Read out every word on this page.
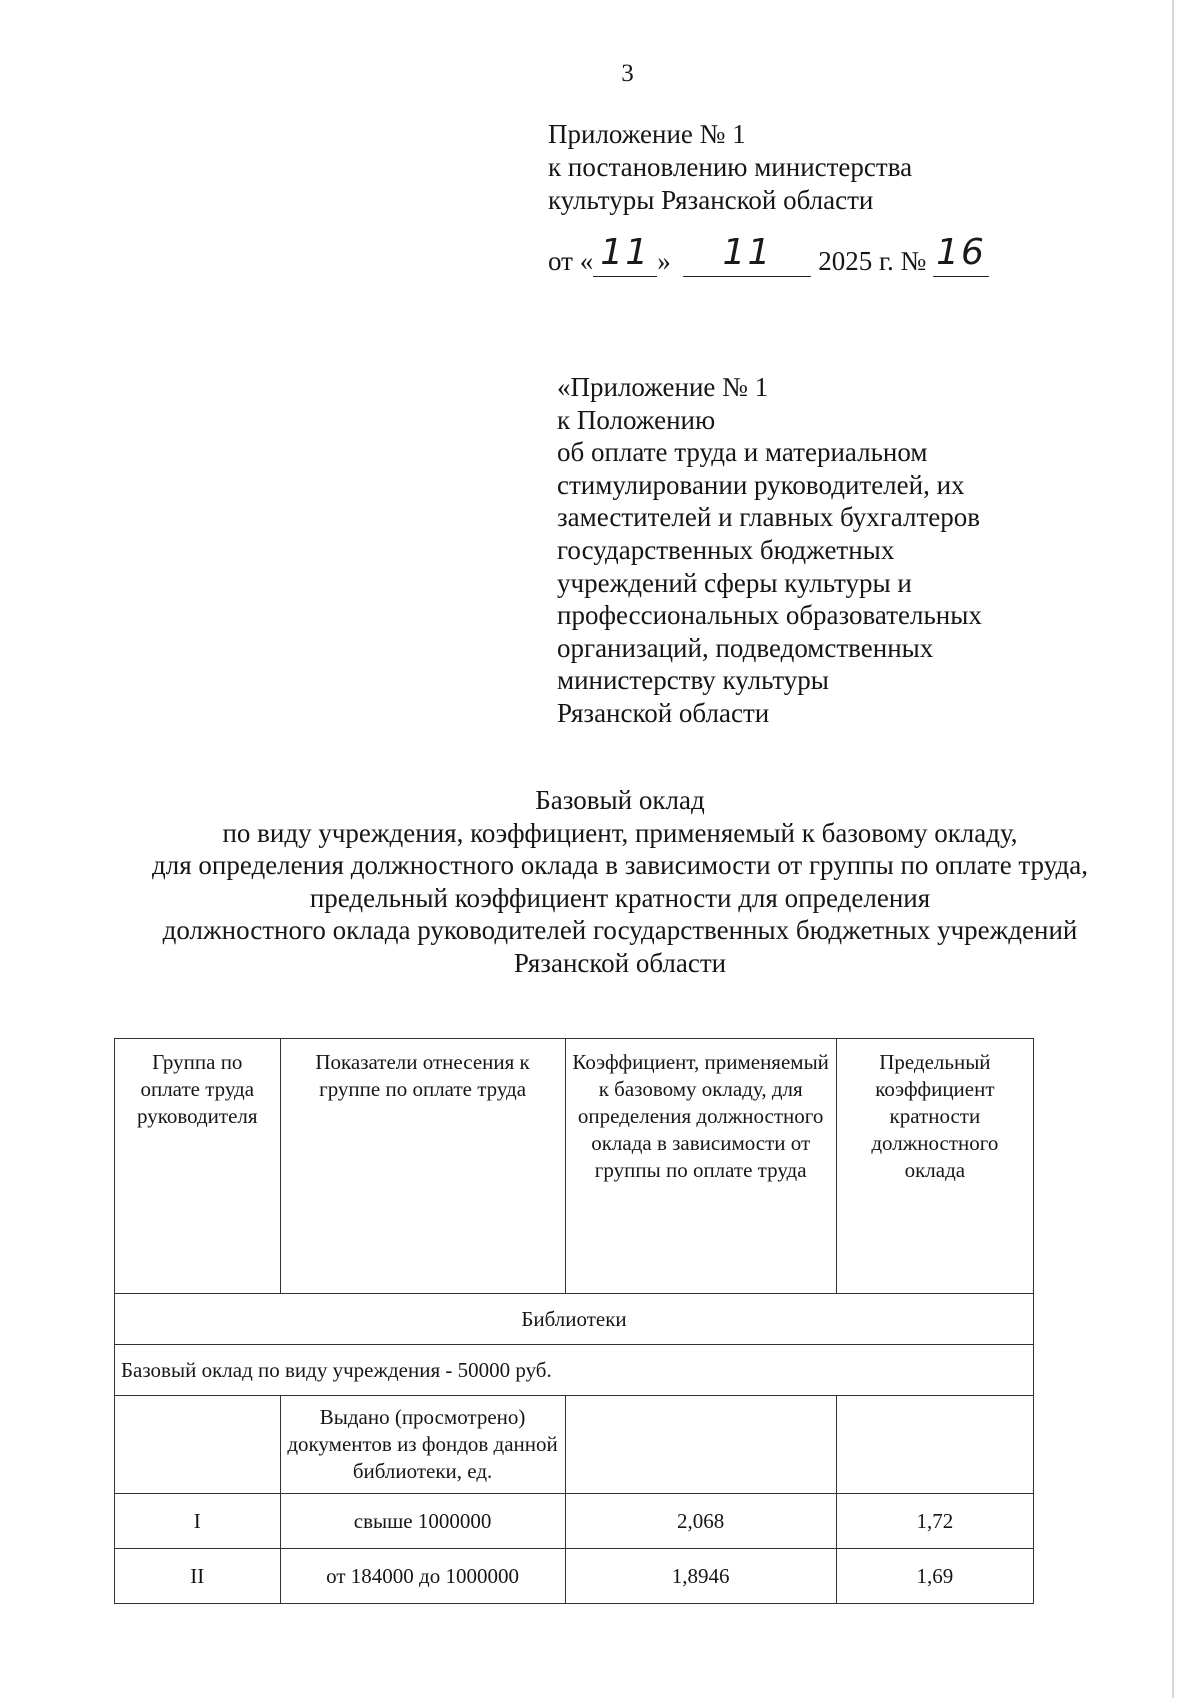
3
Приложение № 1
к постановлению министерства
культуры Рязанской области
от « 11 »	11	2025 г. № 16
«Приложение № 1
к Положению
об оплате труда и материальном
стимулировании руководителей, их
заместителей и главных бухгалтеров
государственных бюджетных
учреждений сферы культуры и
профессиональных образовательных
организаций, подведомственных
министерству культуры
Рязанской области
Базовый оклад
по виду учреждения, коэффициент, применяемый к базовому окладу,
для определения должностного оклада в зависимости от группы по оплате труда,
предельный коэффициент кратности для определения
должностного оклада руководителей государственных бюджетных учреждений
Рязанской области
Группа по оплате труда руководителя	Показатели отнесения к группе по оплате труда	Коэффициент, применяемый к базовому окладу, для определения должностного оклада в зависимости от группы по оплате труда	Предельный коэффициент кратности должностного оклада
Библиотеки			
Базовый оклад по виду учреждения - 50000 руб.			
	Выдано (просмотрено) документов из фондов данной библиотеки, ед.		
I	свыше 1000000	2,068	1,72
II	от 184000 до 1000000	1,8946	1,69
